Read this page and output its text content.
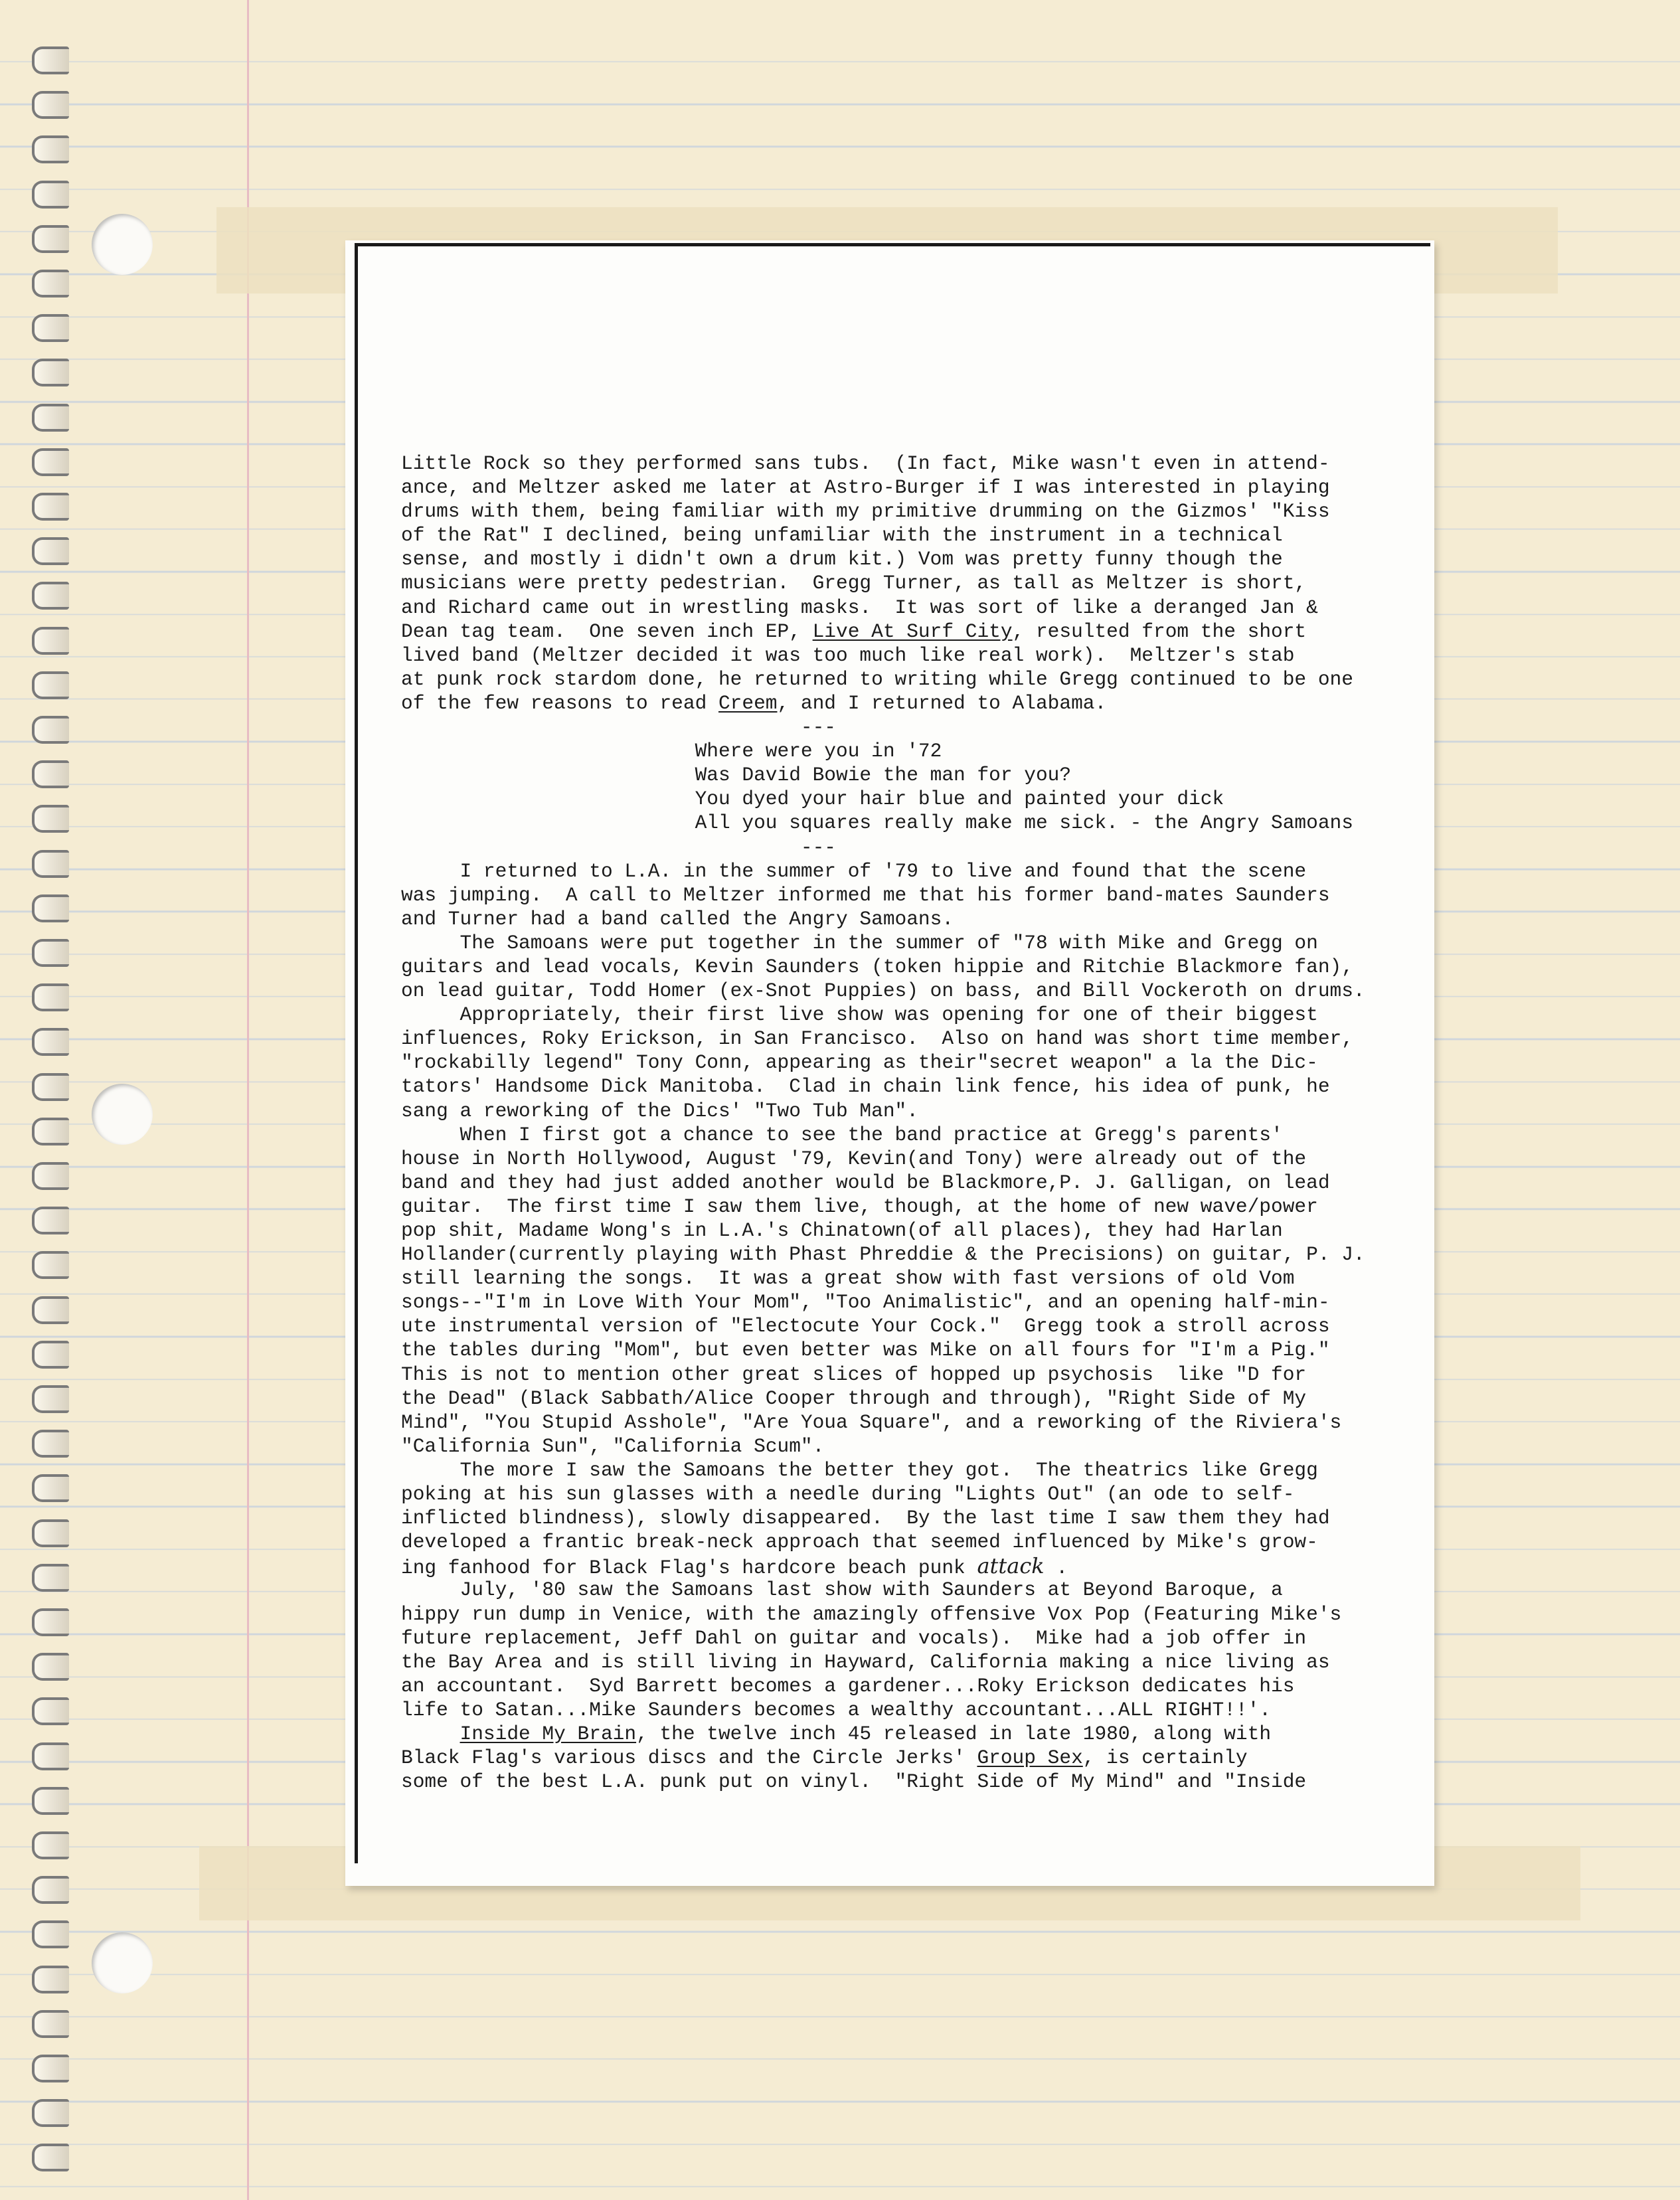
Little Rock so they performed sans tubs.  (In fact, Mike wasn't even in attend-
ance, and Meltzer asked me later at Astro-Burger if I was interested in playing
drums with them, being familiar with my primitive drumming on the Gizmos' "Kiss
of the Rat" I declined, being unfamiliar with the instrument in a technical
sense, and mostly i didn't own a drum kit.) Vom was pretty funny though the
musicians were pretty pedestrian.  Gregg Turner, as tall as Meltzer is short,
and Richard came out in wrestling masks.  It was sort of like a deranged Jan &
Dean tag team.  One seven inch EP, Live At Surf City, resulted from the short
lived band (Meltzer decided it was too much like real work).  Meltzer's stab
at punk rock stardom done, he returned to writing while Gregg continued to be one
of the few reasons to read Creem, and I returned to Alabama.
---
Where were you in '72
Was David Bowie the man for you?
You dyed your hair blue and painted your dick
All you squares really make me sick. - the Angry Samoans
---
I returned to L.A. in the summer of '79 to live and found that the scene
was jumping.  A call to Meltzer informed me that his former band-mates Saunders
and Turner had a band called the Angry Samoans.
The Samoans were put together in the summer of "78 with Mike and Gregg on
guitars and lead vocals, Kevin Saunders (token hippie and Ritchie Blackmore fan),
on lead guitar, Todd Homer (ex-Snot Puppies) on bass, and Bill Vockeroth on drums.
Appropriately, their first live show was opening for one of their biggest
influences, Roky Erickson, in San Francisco.  Also on hand was short time member,
"rockabilly legend" Tony Conn, appearing as their"secret weapon" a la the Dic-
tators' Handsome Dick Manitoba.  Clad in chain link fence, his idea of punk, he
sang a reworking of the Dics' "Two Tub Man".
When I first got a chance to see the band practice at Gregg's parents'
house in North Hollywood, August '79, Kevin(and Tony) were already out of the
band and they had just added another would be Blackmore,P. J. Galligan, on lead
guitar.  The first time I saw them live, though, at the home of new wave/power
pop shit, Madame Wong's in L.A.'s Chinatown(of all places), they had Harlan
Hollander(currently playing with Phast Phreddie & the Precisions) on guitar, P. J.
still learning the songs.  It was a great show with fast versions of old Vom
songs--"I'm in Love With Your Mom", "Too Animalistic", and an opening half-min-
ute instrumental version of "Electocute Your Cock."  Gregg took a stroll across
the tables during "Mom", but even better was Mike on all fours for "I'm a Pig."
This is not to mention other great slices of hopped up psychosis  like "D for
the Dead" (Black Sabbath/Alice Cooper through and through), "Right Side of My
Mind", "You Stupid Asshole", "Are Youa Square", and a reworking of the Riviera's
"California Sun", "California Scum".
The more I saw the Samoans the better they got.  The theatrics like Gregg
poking at his sun glasses with a needle during "Lights Out" (an ode to self-
inflicted blindness), slowly disappeared.  By the last time I saw them they had
developed a frantic break-neck approach that seemed influenced by Mike's grow-
ing fanhood for Black Flag's hardcore beach punk attack .
July, '80 saw the Samoans last show with Saunders at Beyond Baroque, a
hippy run dump in Venice, with the amazingly offensive Vox Pop (Featuring Mike's
future replacement, Jeff Dahl on guitar and vocals).  Mike had a job offer in
the Bay Area and is still living in Hayward, California making a nice living as
an accountant.  Syd Barrett becomes a gardener...Roky Erickson dedicates his
life to Satan...Mike Saunders becomes a wealthy accountant...ALL RIGHT!!'.
Inside My Brain, the twelve inch 45 released in late 1980, along with
Black Flag's various discs and the Circle Jerks' Group Sex, is certainly
some of the best L.A. punk put on vinyl.  "Right Side of My Mind" and "Inside
